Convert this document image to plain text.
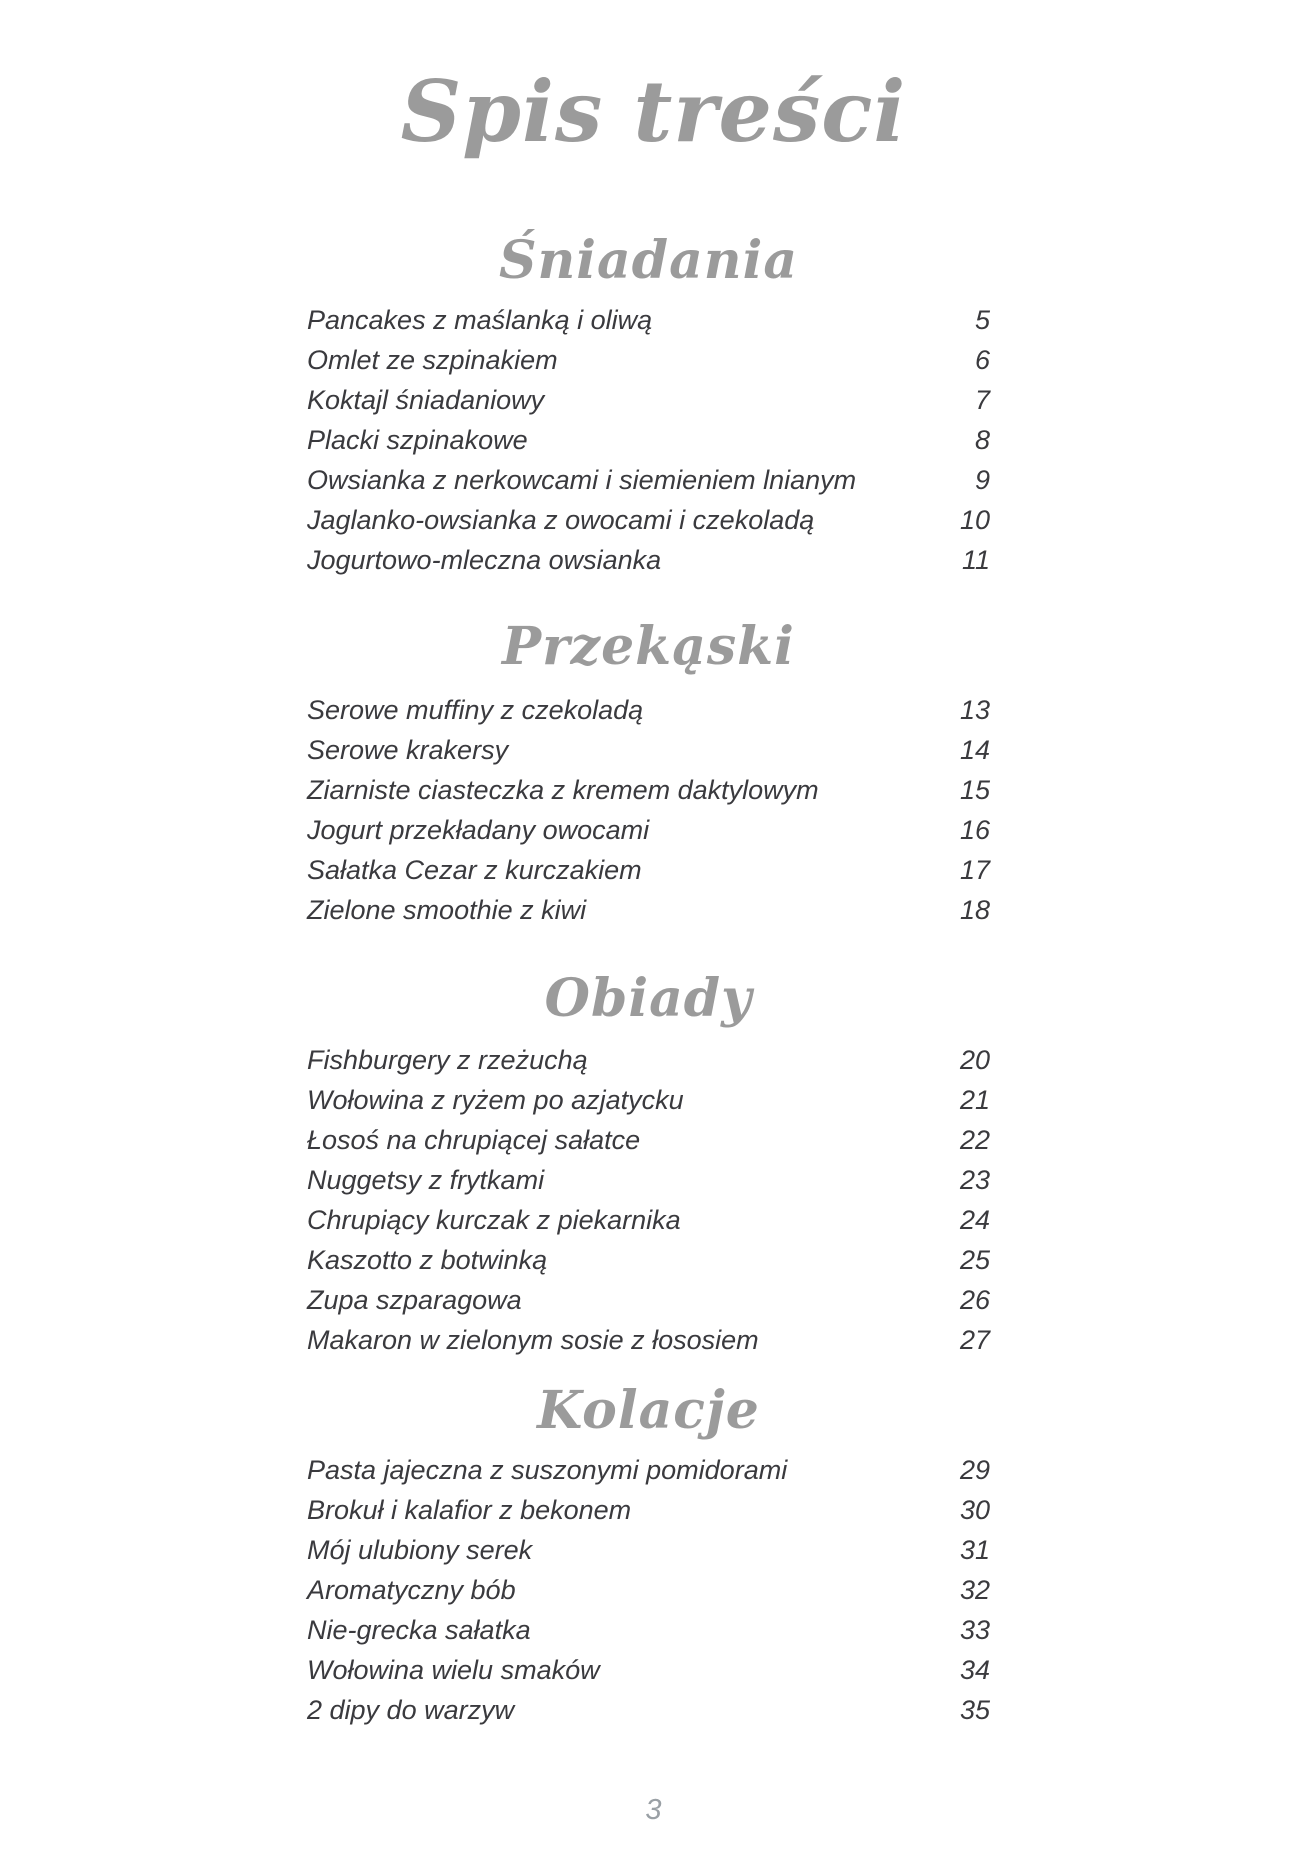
Spis treści
Śniadania
Pancakes z maślanką i oliwą	5
Omlet ze szpinakiem	6
Koktajl śniadaniowy	7
Placki szpinakowe	8
Owsianka z nerkowcami i siemieniem lnianym	9
Jaglanko-owsianka z owocami i czekoladą	10
Jogurtowo-mleczna owsianka	11
Przekąski
Serowe muffiny z czekoladą	13
Serowe krakersy	14
Ziarniste ciasteczka z kremem daktylowym	15
Jogurt przekładany owocami	16
Sałatka Cezar z kurczakiem	17
Zielone smoothie z kiwi	18
Obiady
Fishburgery z rzeżuchą	20
Wołowina z ryżem po azjatycku	21
Łosoś na chrupiącej sałatce	22
Nuggetsy z frytkami	23
Chrupiący kurczak z piekarnika	24
Kaszotto z botwinką	25
Zupa szparagowa	26
Makaron w zielonym sosie z łososiem	27
Kolacje
Pasta jajeczna z suszonymi pomidorami	29
Brokuł i kalafior z bekonem	30
Mój ulubiony serek	31
Aromatyczny bób	32
Nie-grecka sałatka	33
Wołowina wielu smaków	34
2 dipy do warzyw	35
3
